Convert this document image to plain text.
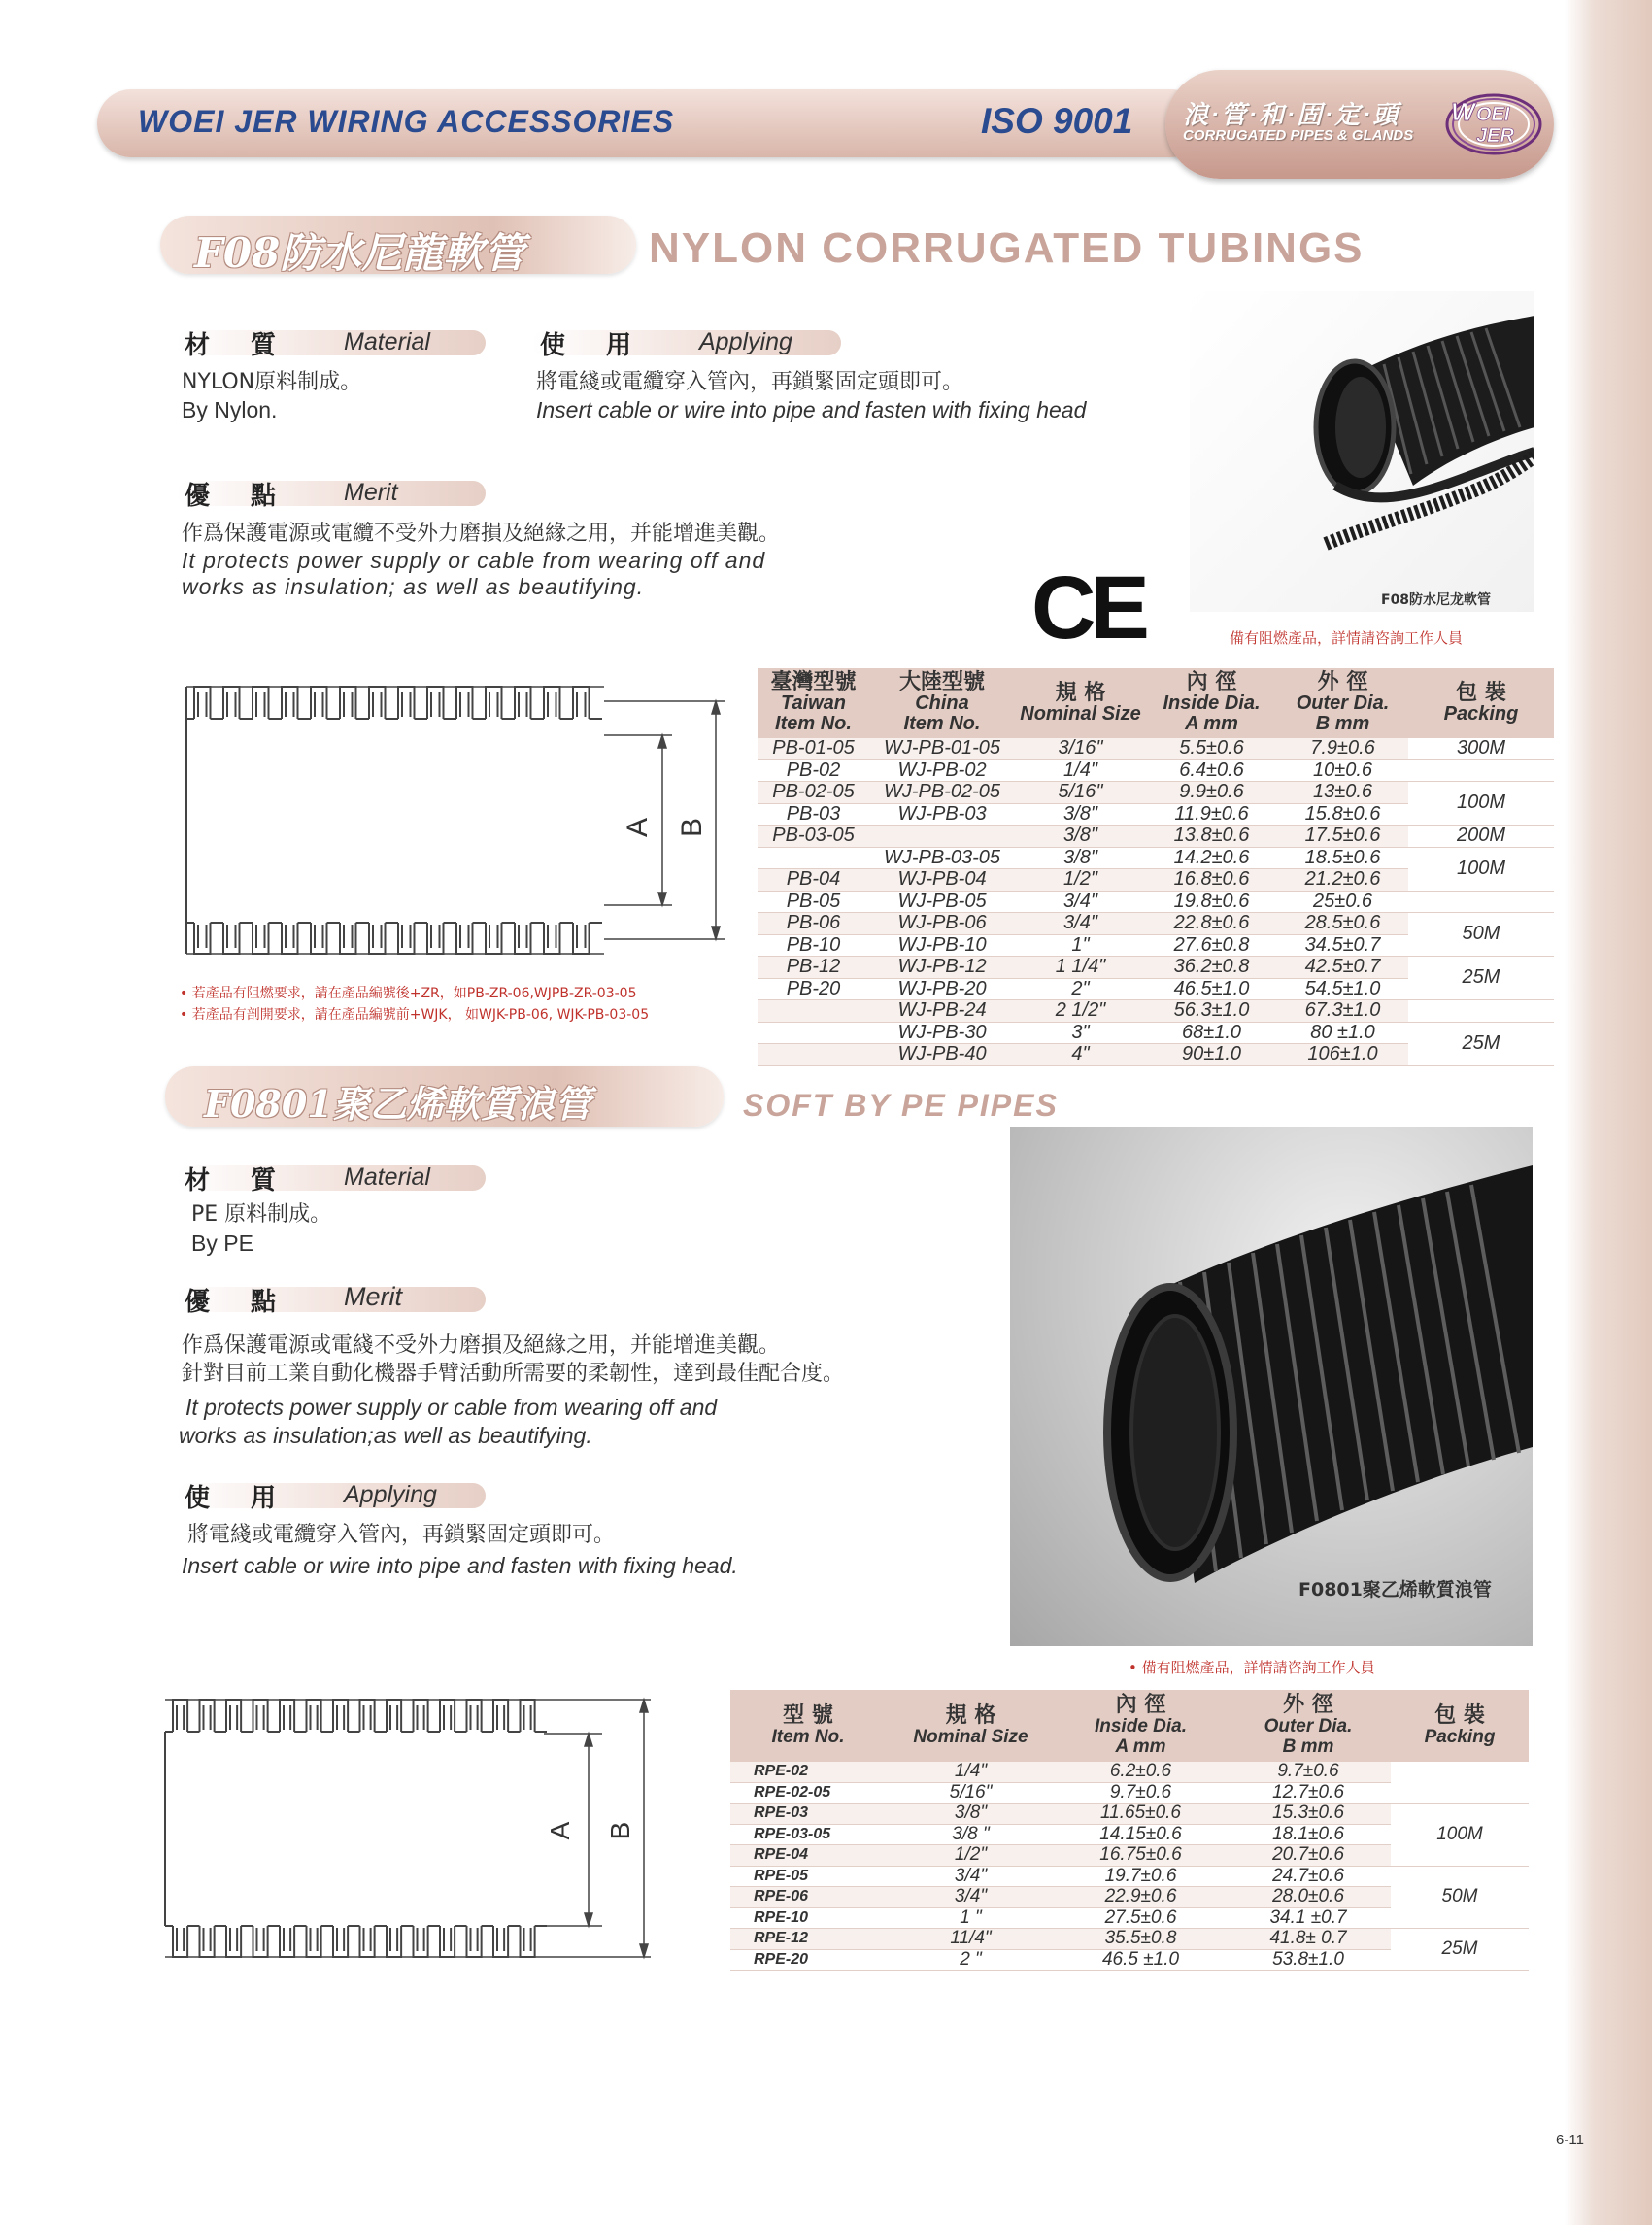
WOEI JER WIRING ACCESSORIES	ISO 9001 浪‧管‧和‧固‧定‧頭
CORRUGATED PIPES & GLANDS
W OEI
JER
F08防水尼龍軟管	NYLON CORRUGATED TUBINGS
材質 Material
NYLON原料制成。
By Nylon.
使用 Applying
將電綫或電纜穿入管內，再鎖緊固定頭即可。
Insert cable or wire into pipe and fasten with fixing head
優點 Merit
作爲保護電源或電纜不受外力磨損及絕緣之用，并能增進美觀。
It protects power supply or cable from wearing off and
works as insulation; as well as beautifying.
F08防水尼龙軟管
CE	備有阻燃產品，詳情請咨詢工作人員
A B
• 若產品有阻燃要求，請在產品編號後+ZR，如PB-ZR-06,WJPB-ZR-03-05
• 若產品有剖開要求，請在產品編號前+WJK， 如WJK-PB-06, WJK-PB-03-05
臺灣型號
Taiwan
Item No.	大陸型號
China
Item No.	規 格
Nominal Size	內 徑
Inside Dia.
A mm	外 徑
Outer Dia.
B mm	包 裝
Packing
PB-01-05	WJ-PB-01-05	3/16"	5.5±0.6	7.9±0.6	300M
PB-02	WJ-PB-02	1/4"	6.4±0.6	10±0.6	
PB-02-05	WJ-PB-02-05	5/16"	9.9±0.6	13±0.6	100M
PB-03	WJ-PB-03	3/8"	11.9±0.6	15.8±0.6	
PB-03-05		3/8"	13.8±0.6	17.5±0.6	200M
	WJ-PB-03-05	3/8"	14.2±0.6	18.5±0.6	100M
PB-04	WJ-PB-04	1/2"	16.8±0.6	21.2±0.6	
PB-05	WJ-PB-05	3/4"	19.8±0.6	25±0.6	
PB-06	WJ-PB-06	3/4"	22.8±0.6	28.5±0.6	50M
PB-10	WJ-PB-10	1"	27.6±0.8	34.5±0.7	
PB-12	WJ-PB-12	1 1/4"	36.2±0.8	42.5±0.7	25M
PB-20	WJ-PB-20	2"	46.5±1.0	54.5±1.0	
	WJ-PB-24	2 1/2"	56.3±1.0	67.3±1.0	
	WJ-PB-30	3"	68±1.0	80 ±1.0	25M
	WJ-PB-40	4"	90±1.0	106±1.0	
F0801聚乙烯軟質浪管	SOFT BY PE PIPES
材質 Material
PE 原料制成。
By PE
優點 Merit
作爲保護電源或電綫不受外力磨損及絕緣之用，并能增進美觀。
針對目前工業自動化機器手臂活動所需要的柔韌性，達到最佳配合度。
It protects power supply or cable from wearing off and
works as insulation;as well as beautifying.
使用 Applying
將電綫或電纜穿入管內，再鎖緊固定頭即可。
Insert cable or wire into pipe and fasten with fixing head.
F0801聚乙烯軟質浪管
• 備有阻燃產品，詳情請咨詢工作人員
A B
型 號
Item No.	規 格
Nominal Size	內 徑
Inside Dia.
A mm	外 徑
Outer Dia.
B mm	包 裝
Packing
RPE-02	1/4"	6.2±0.6	9.7±0.6	
RPE-02-05	5/16"	9.7±0.6	12.7±0.6	
RPE-03	3/8"	11.65±0.6	15.3±0.6	100M
RPE-03-05	3/8 "	14.15±0.6	18.1±0.6	
RPE-04	1/2"	16.75±0.6	20.7±0.6	
RPE-05	3/4"	19.7±0.6	24.7±0.6	50M
RPE-06	3/4"	22.9±0.6	28.0±0.6	
RPE-10	1 "	27.5±0.6	34.1 ±0.7	
RPE-12	11/4"	35.5±0.8	41.8± 0.7	25M
RPE-20	2 "	46.5 ±1.0	53.8±1.0	
6-11
